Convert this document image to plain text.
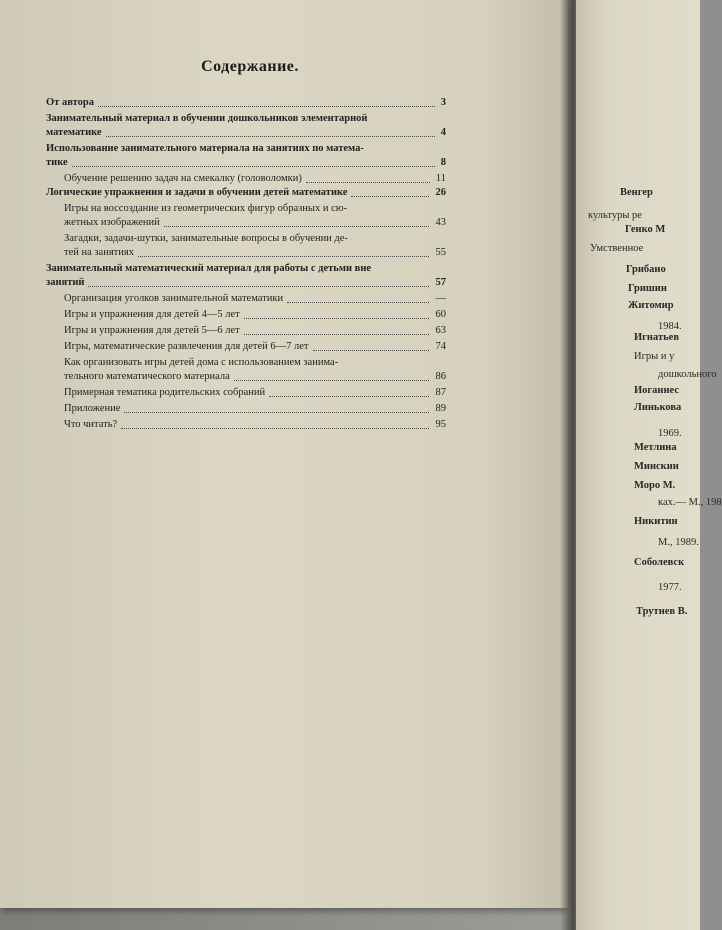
Содержание.
От автора	3
Занимательный материал в обучении дошкольников элементарной
математике	4
Использование занимательного материала на занятиях по матема-
тике	8
Обучение решению задач на смекалку (головоломки)	11
Логические упражнения и задачи в обучении детей математике	26
Игры на воссоздание из геометрических фигур образных и сю-
жетных изображений	43
Загадки, задачи-шутки, занимательные вопросы в обучении де-
тей на занятиях	55
Занимательный математический материал для работы с детьми вне
занятий	57
Организация уголков занимательной математики	—
Игры и упражнения для детей 4—5 лет	60
Игры и упражнения для детей 5—6 лет	63
Игры, математические развлечения для детей 6—7 лет	74
Как организовать игры детей дома с использованием занима-
тельного математического материала	86
Примерная тематика родительских собраний	87
Приложение	89
Что читать?	95
·
Венгер
культуры ре
Генко М
Умственное
Грибано
Гришин
Житомир
1984.
Игнатьев
Игры и у
дошкольного
Иоганнес
Линькова
1969.
Метлина
Минскин
Моро М.
ках.— М., 198
Никитин
М., 1989.
Соболевск
1977.
Трутнев В.
